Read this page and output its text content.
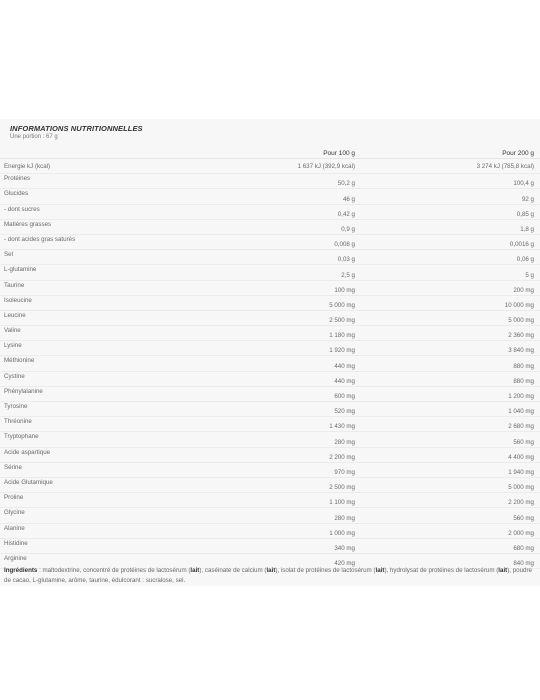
INFORMATIONS NUTRITIONNELLES
Une portion : 67 g
	Pour 100 g	Pour 200 g
Energie kJ (kcal)	1 637 kJ (392,9 kcal)	3 274 kJ (785,8 kcal)
Protéines	50,2 g	100,4 g
Glucides	46 g	92 g
- dont sucres	0,42 g	0,85 g
Matières grasses	0,9 g	1,8 g
- dont acides gras saturés	0,008 g	0,0016 g
Sel	0,03 g	0,06 g
L-glutamine	2,5 g	5 g
Taurine	100 mg	200 mg
Isoleucine	5 000 mg	10 000 mg
Leucine	2 500 mg	5 000 mg
Valine	1 180 mg	2 360 mg
Lysine	1 920 mg	3 840 mg
Méthionine	440 mg	880 mg
Cystine	440 mg	880 mg
Phénylalanine	600 mg	1 200 mg
Tyrosine	520 mg	1 040 mg
Thréonine	1 430 mg	2 680 mg
Tryptophane	280 mg	560 mg
Acide aspartique	2 200 mg	4 400 mg
Sérine	970 mg	1 940 mg
Acide Glutamique	2 500 mg	5 000 mg
Proline	1 100 mg	2 200 mg
Glycine	280 mg	560 mg
Alanine	1 000 mg	2 000 mg
Histidine	340 mg	680 mg
Arginine	420 mg	840 mg
Ingrédients : maltodextrine, concentré de protéines de lactosérum (lait), caséinate de calcium (lait), isolat de protéines de lactosérum (lait), hydrolysat de protéines de lactosérum (lait), poudre de cacao, L-glutamine, arôme, taurine, édulcorant : sucralose, sel.
